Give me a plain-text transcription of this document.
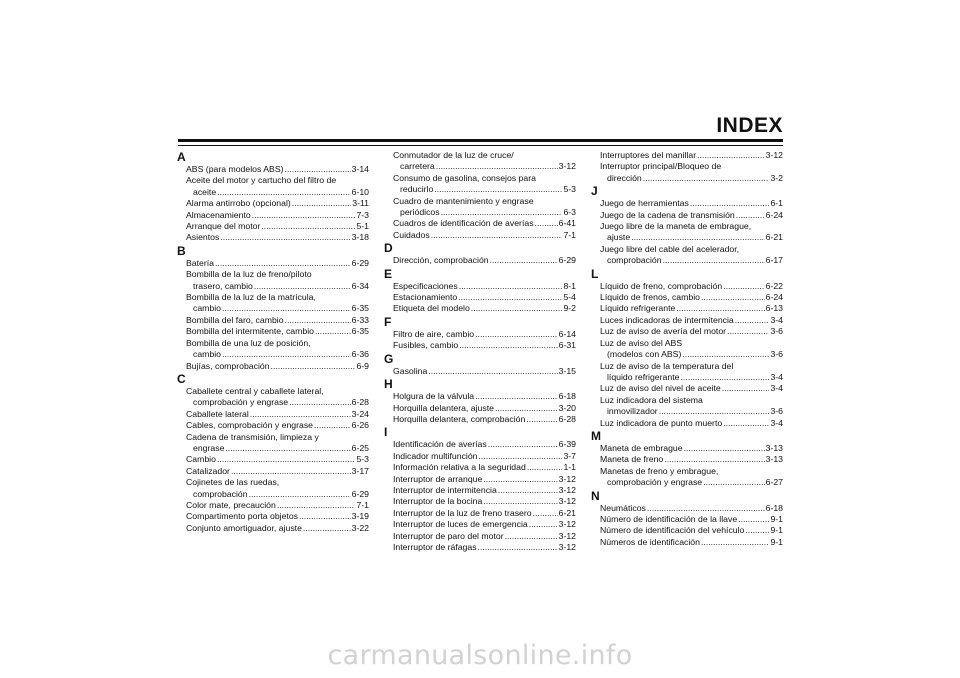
INDEX
A
ABS (para modelos ABS) .....	3-14
Aceite del motor y cartucho del filtro de
aceite .....	6-10
Alarma antirrobo (opcional) .....	3-11
Almacenamiento .....	7-3
Arranque del motor .....	5-1
Asientos .....	3-18
B
Batería .....	6-29
Bombilla de la luz de freno/piloto
trasero, cambio .....	6-34
Bombilla de la luz de la matrícula,
cambio .....	6-35
Bombilla del faro, cambio .....	6-33
Bombilla del intermitente, cambio .....	6-35
Bombilla de una luz de posición,
cambio .....	6-36
Bujías, comprobación .....	6-9
C
Caballete central y caballete lateral,
comprobación y engrase .....	6-28
Caballete lateral .....	3-24
Cables, comprobación y engrase .....	6-26
Cadena de transmisión, limpieza y
engrase .....	6-25
Cambio .....	5-3
Catalizador .....	3-17
Cojinetes de las ruedas,
comprobación .....	6-29
Color mate, precaución .....	7-1
Compartimento porta objetos .....	3-19
Conjunto amortiguador, ajuste .....	3-22
Conmutador de la luz de cruce/
carretera .....	3-12
Consumo de gasolina, consejos para
reducirlo .....	5-3
Cuadro de mantenimiento y engrase
periódicos .....	6-3
Cuadros de identificación de averías .....	6-41
Cuidados .....	7-1
D
Dirección, comprobación .....	6-29
E
Especificaciones .....	8-1
Estacionamiento .....	5-4
Etiqueta del modelo .....	9-2
F
Filtro de aire, cambio .....	6-14
Fusibles, cambio .....	6-31
G
Gasolina .....	3-15
H
Holgura de la válvula .....	6-18
Horquilla delantera, ajuste .....	3-20
Horquilla delantera, comprobación .....	6-28
I
Identificación de averías .....	6-39
Indicador multifunción .....	3-7
Información relativa a la seguridad .....	1-1
Interruptor de arranque .....	3-12
Interruptor de intermitencia .....	3-12
Interruptor de la bocina .....	3-12
Interruptor de la luz de freno trasero .....	6-21
Interruptor de luces de emergencia .....	3-12
Interruptor de paro del motor .....	3-12
Interruptor de ráfagas .....	3-12
Interruptores del manillar .....	3-12
Interruptor principal/Bloqueo de
dirección .....	3-2
J
Juego de herramientas .....	6-1
Juego de la cadena de transmisión .....	6-24
Juego libre de la maneta de embrague,
ajuste .....	6-21
Juego libre del cable del acelerador,
comprobación .....	6-17
L
Líquido de freno, comprobación .....	6-22
Líquido de frenos, cambio .....	6-24
Líquido refrigerante .....	6-13
Luces indicadoras de intermitencia .....	3-4
Luz de aviso de avería del motor .....	3-6
Luz de aviso del ABS
(modelos con ABS) .....	3-6
Luz de aviso de la temperatura del
líquido refrigerante .....	3-4
Luz de aviso del nivel de aceite .....	3-4
Luz indicadora del sistema
inmovilizador .....	3-6
Luz indicadora de punto muerto .....	3-4
M
Maneta de embrague .....	3-13
Maneta de freno .....	3-13
Manetas de freno y embrague,
comprobación y engrase .....	6-27
N
Neumáticos .....	6-18
Número de identificación de la llave .....	9-1
Número de identificación del vehículo .....	9-1
Números de identificación .....	9-1
carmanualsonline.info
